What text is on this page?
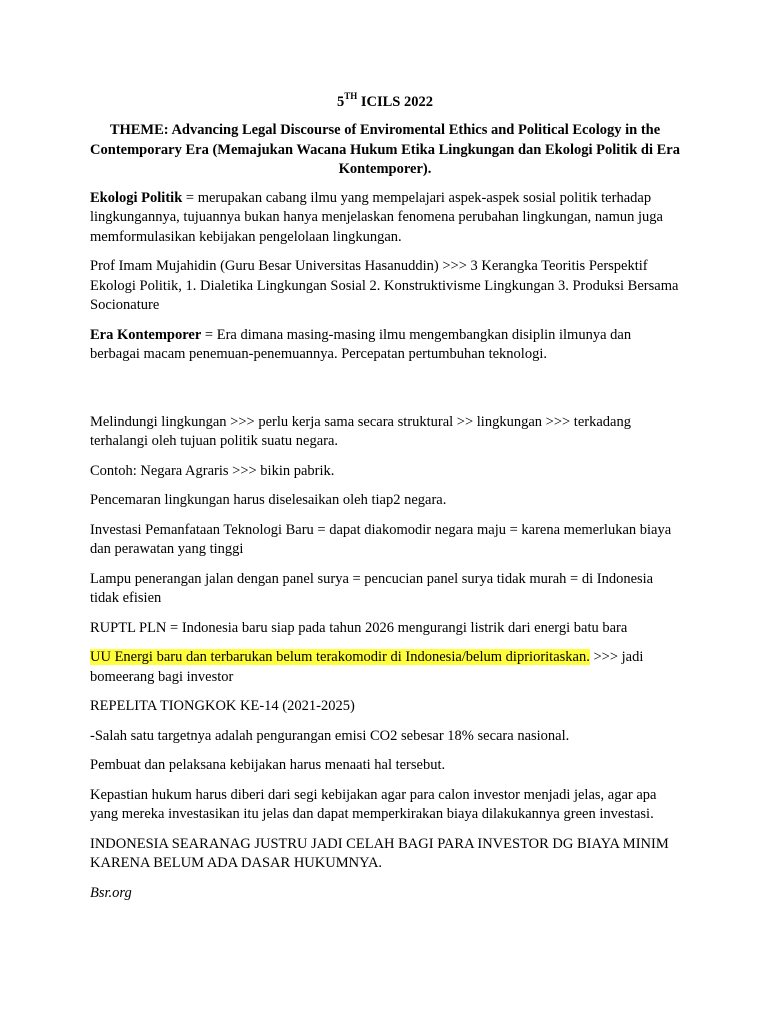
5TH ICILS 2022
THEME: Advancing Legal Discourse of Enviromental Ethics and Political Ecology in the Contemporary Era (Memajukan Wacana Hukum Etika Lingkungan dan Ekologi Politik di Era Kontemporer).

Ekologi Politik = merupakan cabang ilmu yang mempelajari aspek-aspek sosial politik terhadap lingkungannya, tujuannya bukan hanya menjelaskan fenomena perubahan lingkungan, namun juga memformulasikan kebijakan pengelolaan lingkungan.

Prof Imam Mujahidin (Guru Besar Universitas Hasanuddin) >>> 3 Kerangka Teoritis Perspektif Ekologi Politik, 1. Dialetika Lingkungan Sosial 2. Konstruktivisme Lingkungan 3. Produksi Bersama Socionature

Era Kontemporer = Era dimana masing-masing ilmu mengembangkan disiplin ilmunya dan berbagai macam penemuan-penemuannya. Percepatan pertumbuhan teknologi.

Melindungi lingkungan >>> perlu kerja sama secara struktural >> lingkungan >>> terkadang terhalangi oleh tujuan politik suatu negara.

Contoh: Negara Agraris >>> bikin pabrik.

Pencemaran lingkungan harus diselesaikan oleh tiap2 negara.

Investasi Pemanfataan Teknologi Baru = dapat diakomodir negara maju = karena memerlukan biaya dan perawatan yang tinggi

Lampu penerangan jalan dengan panel surya = pencucian panel surya tidak murah = di Indonesia tidak efisien

RUPTL PLN = Indonesia baru siap pada tahun 2026 mengurangi listrik dari energi batu bara

UU Energi baru dan terbarukan belum terakomodir di Indonesia/belum diprioritaskan. >>> jadi bomeerang bagi investor

REPELITA TIONGKOK KE-14 (2021-2025)

-Salah satu targetnya adalah pengurangan emisi CO2 sebesar 18% secara nasional.

Pembuat dan pelaksana kebijakan harus menaati hal tersebut.

Kepastian hukum harus diberi dari segi kebijakan agar para calon investor menjadi jelas, agar apa yang mereka investasikan itu jelas dan dapat memperkirakan biaya dilakukannya green investasi.

INDONESIA SEARANAG JUSTRU JADI CELAH BAGI PARA INVESTOR DG BIAYA MINIM KARENA BELUM ADA DASAR HUKUMNYA.

Bsr.org
